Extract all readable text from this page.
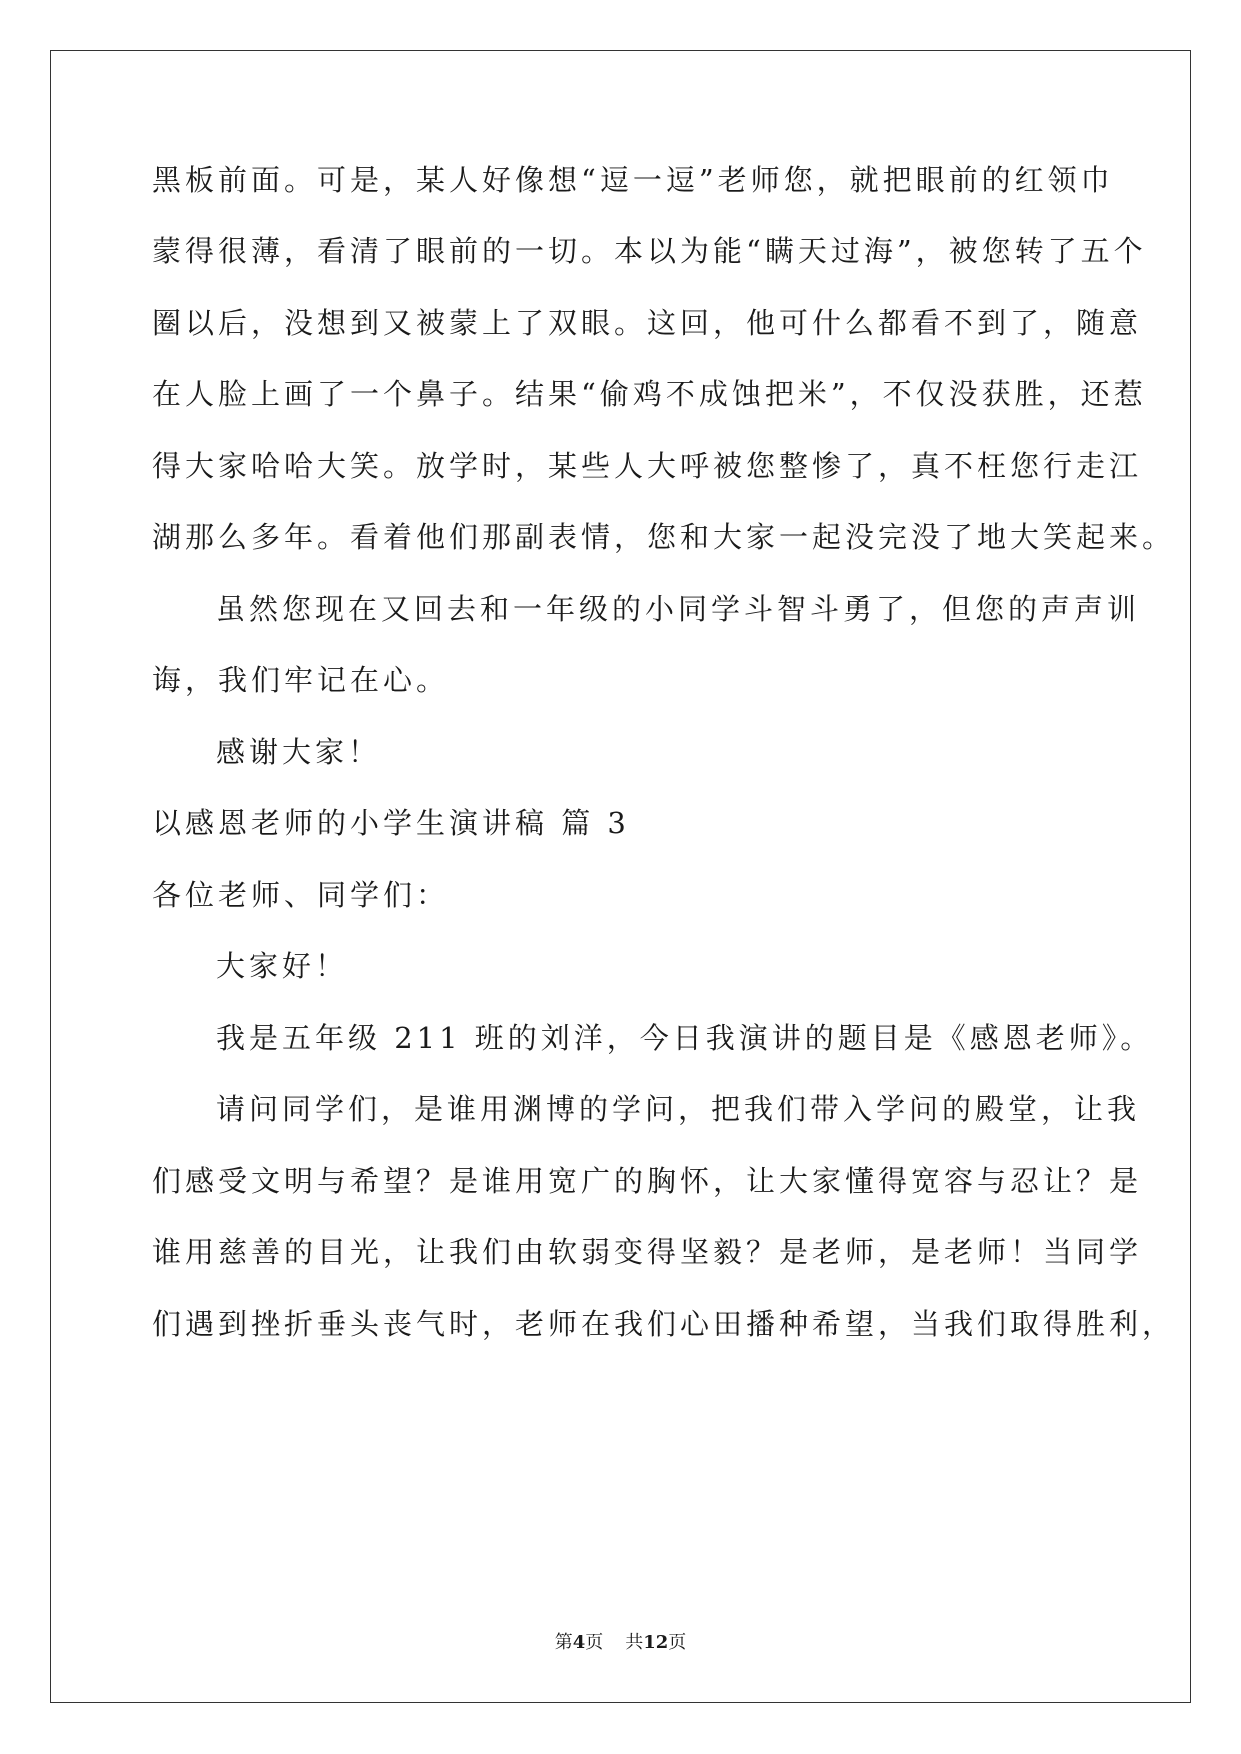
黑板前面。可是，某人好像想“逗一逗”老师您，就把眼前的红领巾
蒙得很薄，看清了眼前的一切。本以为能“瞒天过海”，被您转了五个
圈以后，没想到又被蒙上了双眼。这回，他可什么都看不到了，随意
在人脸上画了一个鼻子。结果“偷鸡不成蚀把米”，不仅没获胜，还惹
得大家哈哈大笑。放学时，某些人大呼被您整惨了，真不枉您行走江
湖那么多年。看着他们那副表情，您和大家一起没完没了地大笑起来。
虽然您现在又回去和一年级的小同学斗智斗勇了，但您的声声训
诲，我们牢记在心。
感谢大家！
以感恩老师的小学生演讲稿 篇 3
各位老师、同学们：
大家好！
我是五年级 211 班的刘洋，今日我演讲的题目是《感恩老师》。
请问同学们，是谁用渊博的学问，把我们带入学问的殿堂，让我
们感受文明与希望？是谁用宽广的胸怀，让大家懂得宽容与忍让？是
谁用慈善的目光，让我们由软弱变得坚毅？是老师，是老师！当同学
们遇到挫折垂头丧气时，老师在我们心田播种希望，当我们取得胜利，
第4页 共12页
